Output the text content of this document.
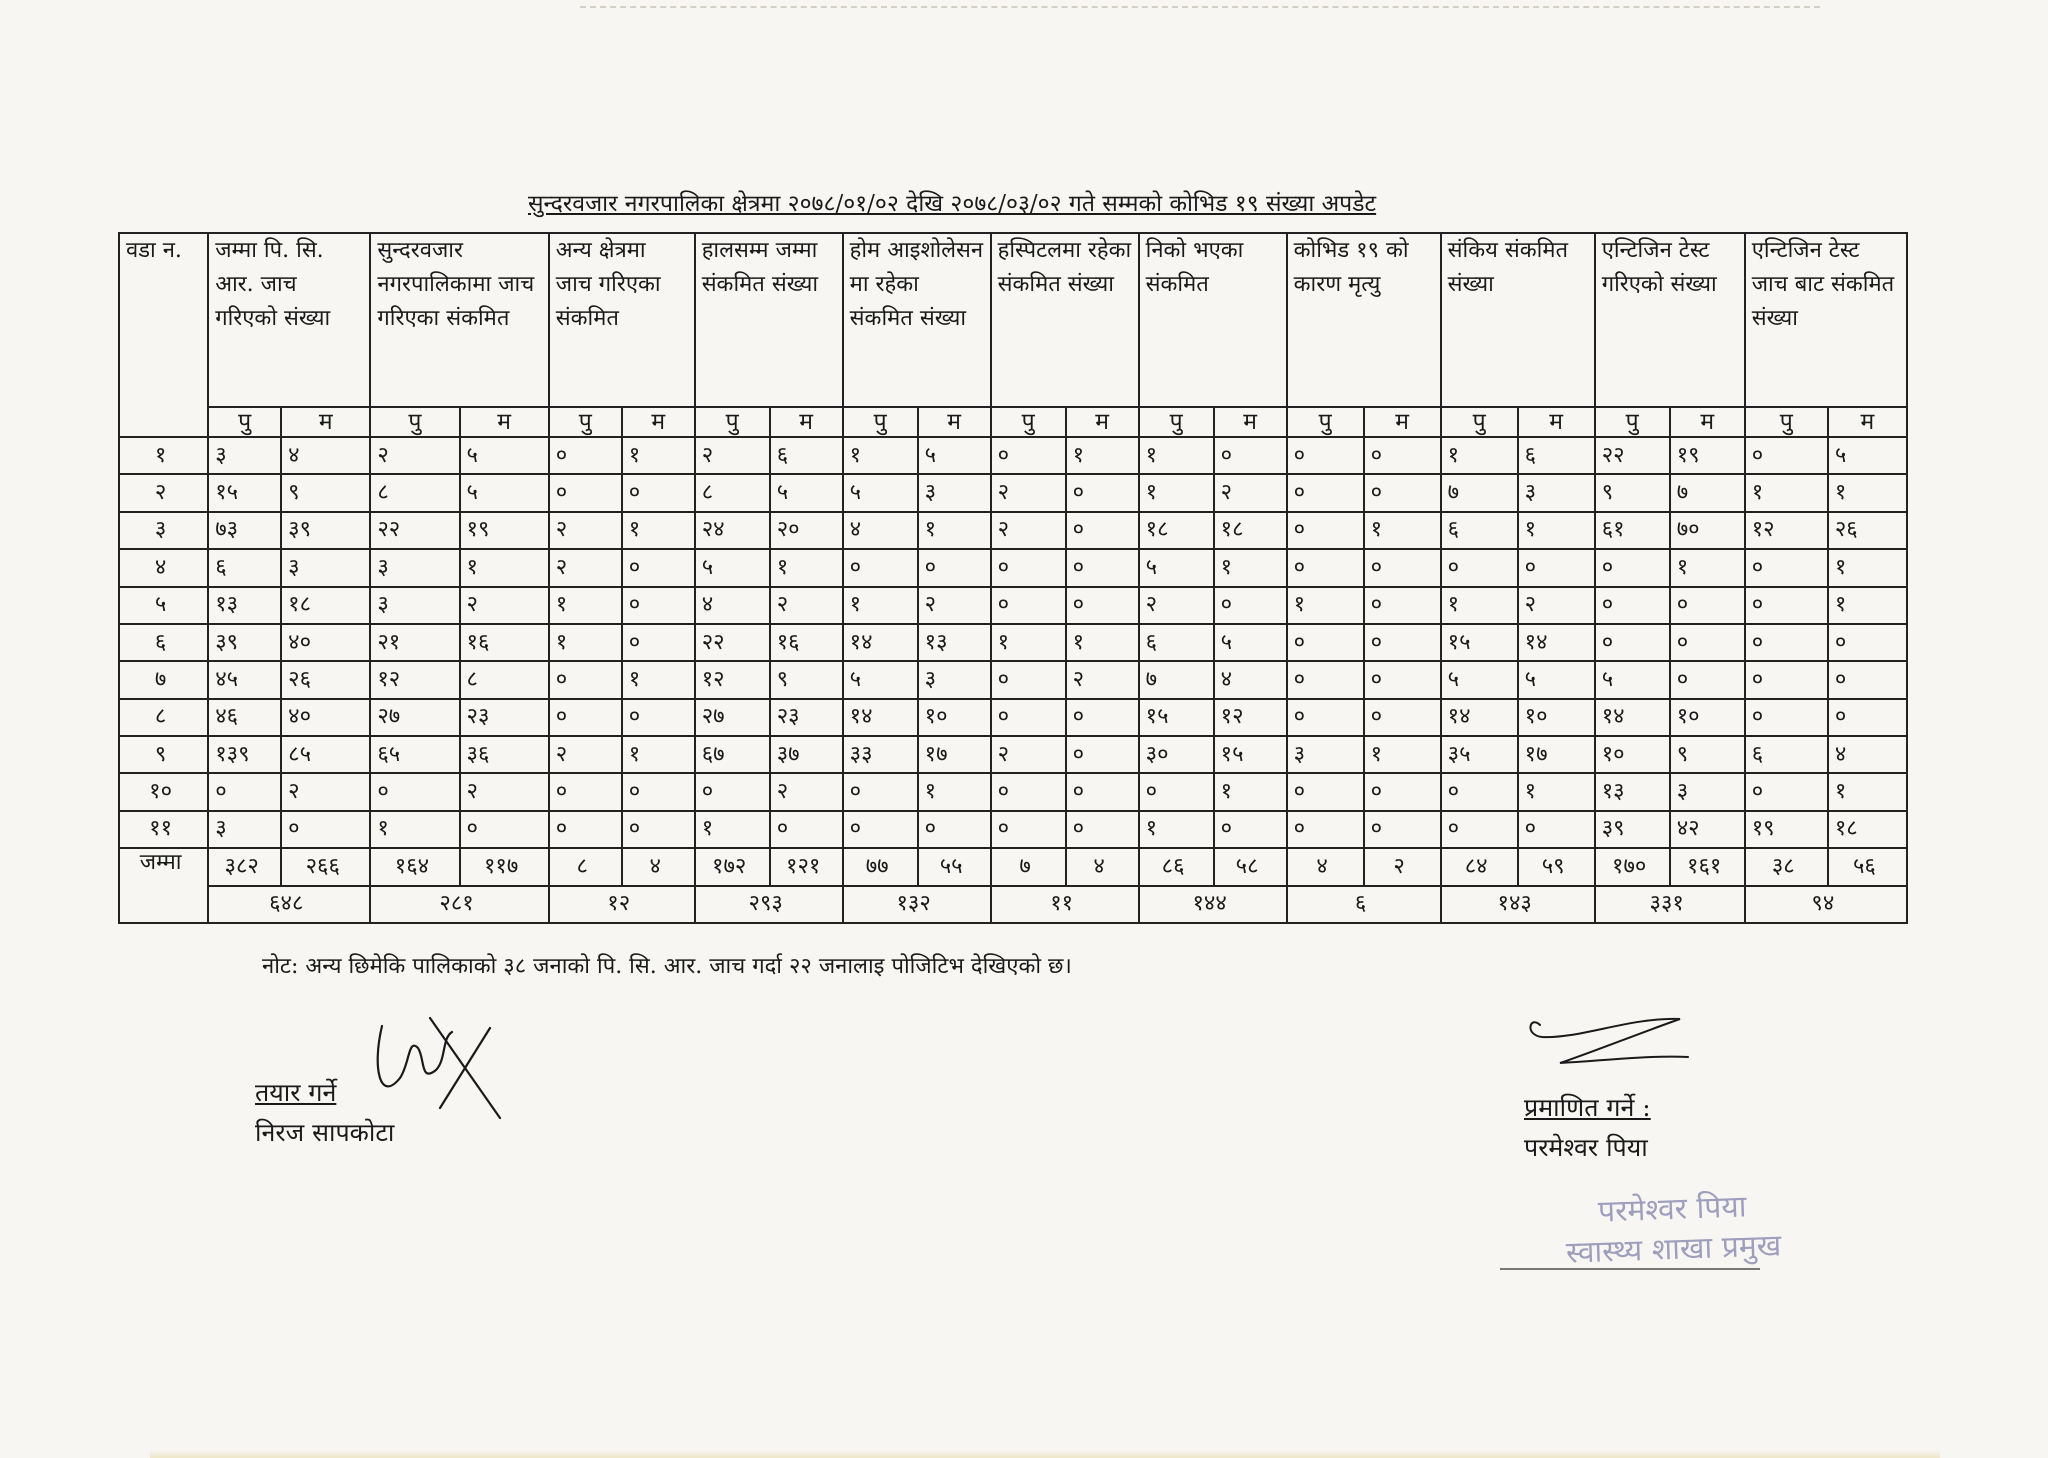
सुन्दरवजार नगरपालिका क्षेत्रमा २०७८/०१/०२ देखि २०७८/०३/०२ गते सम्मको कोभिड १९ संख्या अपडेट
वडा न.	जम्मा पि. सि. आर. जाच गरिएको संख्या		सुन्दरवजार नगरपालिकामा जाच गरिएका संकमित		अन्य क्षेत्रमा जाच गरिएका संकमित		हालसम्म जम्मा संकमित संख्या		होम आइशोलेसन मा रहेका संकमित संख्या		हस्पिटलमा रहेका संकमित संख्या		निको भएका संकमित		कोभिड १९ को कारण मृत्यु		संकिय संकमित संख्या		एन्टिजिन टेस्ट गरिएको संख्या		एन्टिजिन टेस्ट जाच बाट संकमित संख्या	
	पु	म	पु	म	पु	म	पु	म	पु	म	पु	म	पु	म	पु	म	पु	म	पु	म	पु	म
१	३	४	२	५	०	१	२	६	१	५	०	१	१	०	०	०	१	६	२२	१९	०	५
२	१५	९	८	५	०	०	८	५	५	३	२	०	१	२	०	०	७	३	९	७	१	१
३	७३	३९	२२	१९	२	१	२४	२०	४	१	२	०	१८	१८	०	१	६	१	६१	७०	१२	२६
४	६	३	३	१	२	०	५	१	०	०	०	०	५	१	०	०	०	०	०	१	०	१
५	१३	१८	३	२	१	०	४	२	१	२	०	०	२	०	१	०	१	२	०	०	०	१
६	३९	४०	२१	१६	१	०	२२	१६	१४	१३	१	१	६	५	०	०	१५	१४	०	०	०	०
७	४५	२६	१२	८	०	१	१२	९	५	३	०	२	७	४	०	०	५	५	५	०	०	०
८	४६	४०	२७	२३	०	०	२७	२३	१४	१०	०	०	१५	१२	०	०	१४	१०	१४	१०	०	०
९	१३९	८५	६५	३६	२	१	६७	३७	३३	१७	२	०	३०	१५	३	१	३५	१७	१०	९	६	४
१०	०	२	०	२	०	०	०	२	०	१	०	०	०	१	०	०	०	१	१३	३	०	१
११	३	०	१	०	०	०	१	०	०	०	०	०	१	०	०	०	०	०	३९	४२	१९	१८
जम्मा	३८२	२६६	१६४	११७	८	४	१७२	१२१	७७	५५	७	४	८६	५८	४	२	८४	५९	१७०	१६१	३८	५६
	६४८		२८१		१२		२९३		१३२		११		१४४		६		१४३		३३१		९४	
नोट: अन्य छिमेकि पालिकाको ३८ जनाको पि. सि. आर. जाच गर्दा २२ जनालाइ पोजिटिभ देखिएको छ।
तयार गर्ने
निरज सापकोटा
प्रमाणित गर्ने :
परमेश्वर पिया
परमेश्वर पिया
स्वास्थ्य शाखा प्रमुख
